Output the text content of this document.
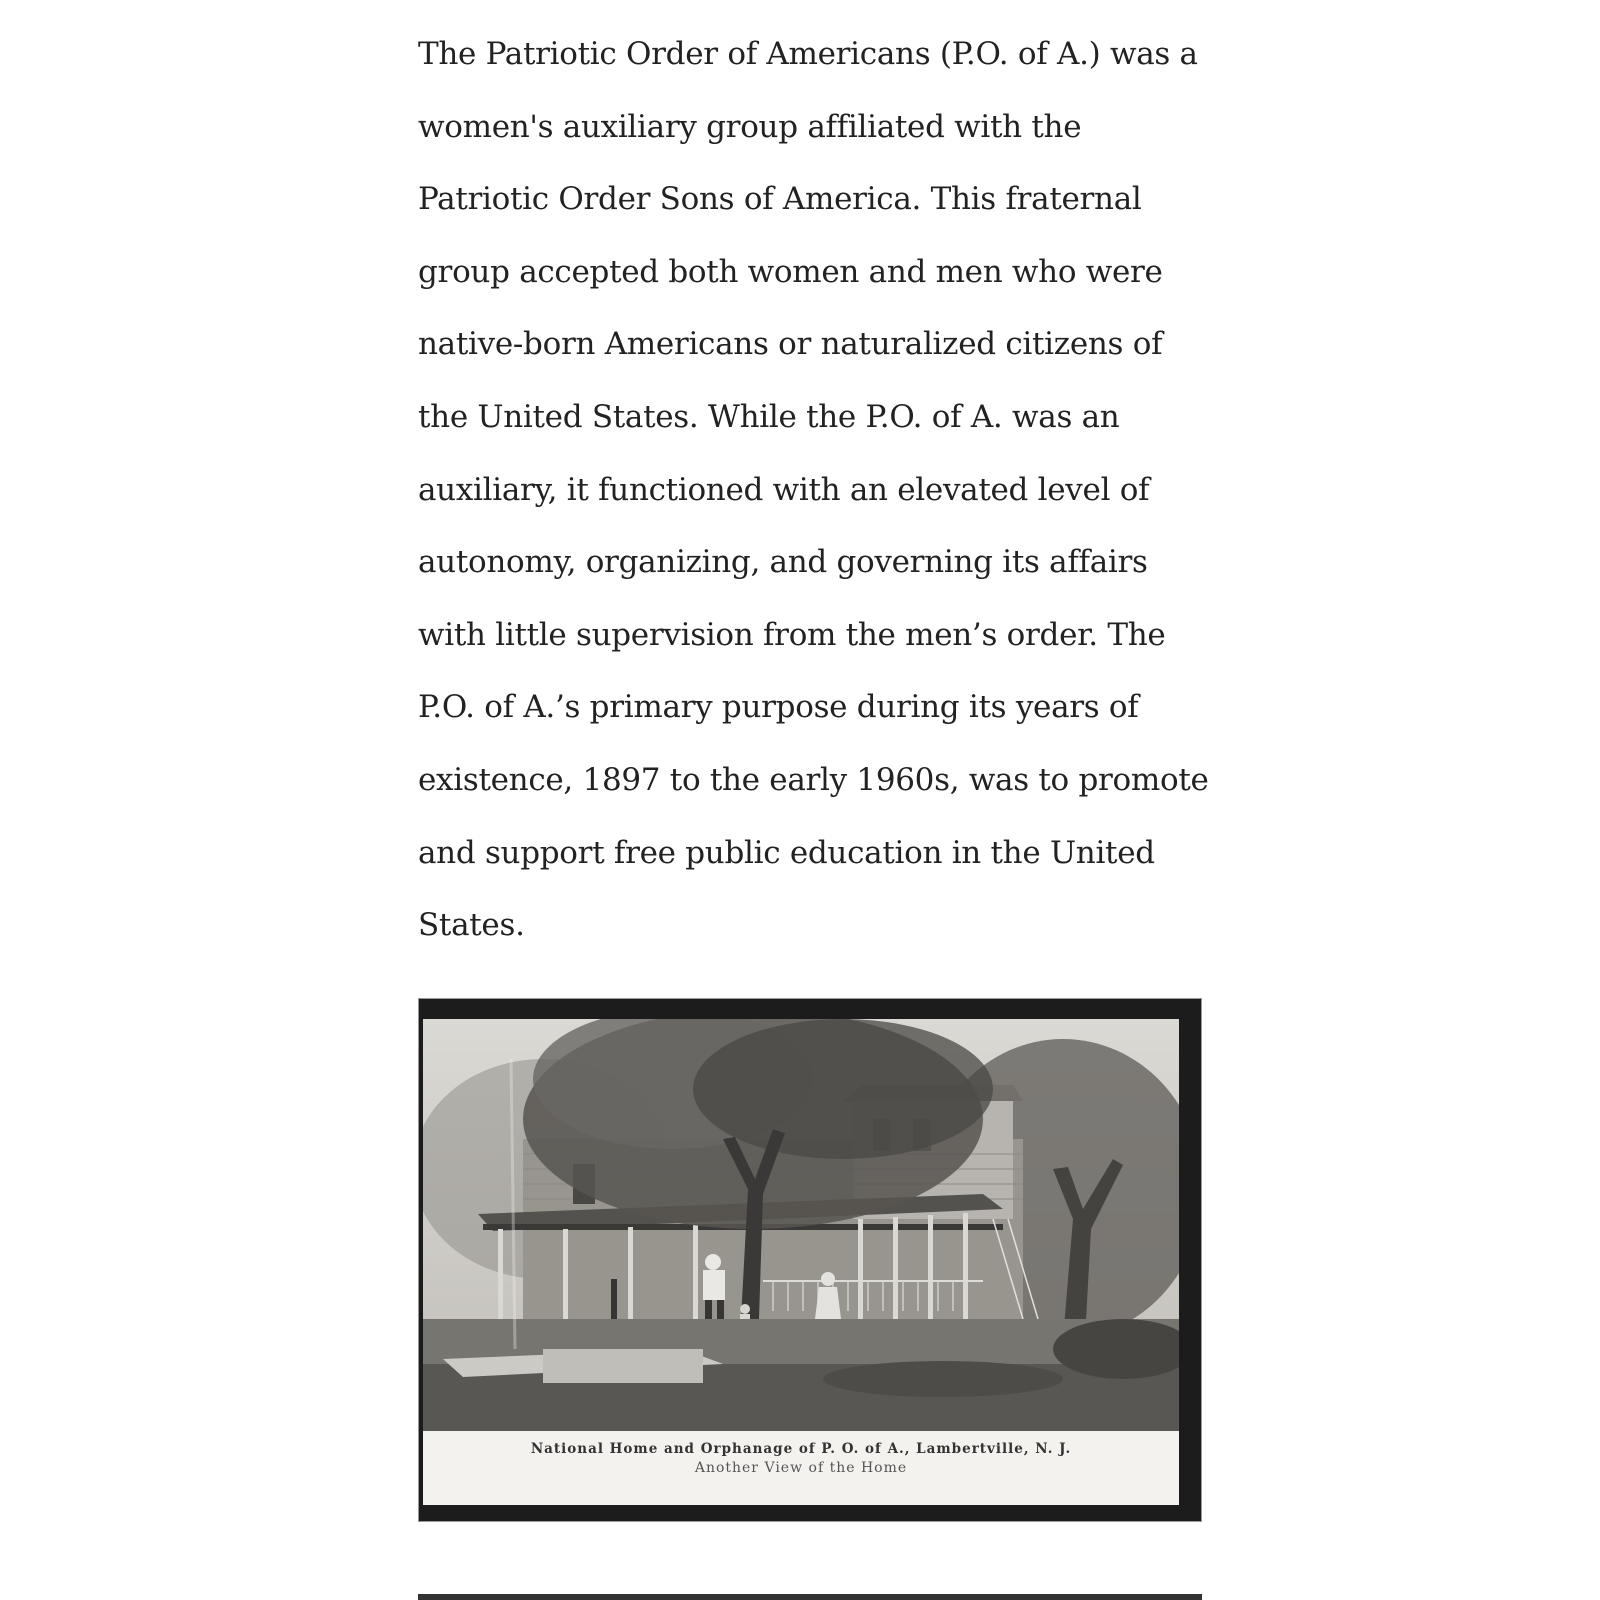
The Patriotic Order of Americans (P.O. of A.) was a
women's auxiliary group affiliated with the
Patriotic Order Sons of America. This fraternal
group accepted both women and men who were
native-born Americans or naturalized citizens of
the United States. While the P.O. of A. was an
auxiliary, it functioned with an elevated level of
autonomy, organizing, and governing its affairs
with little supervision from the men’s order. The
P.O. of A.’s primary purpose during its years of
existence, 1897 to the early 1960s, was to promote
and support free public education in the United
States.

National Home and Orphanage of P. O. of A., Lambertville, N. J.
Another View of the Home
